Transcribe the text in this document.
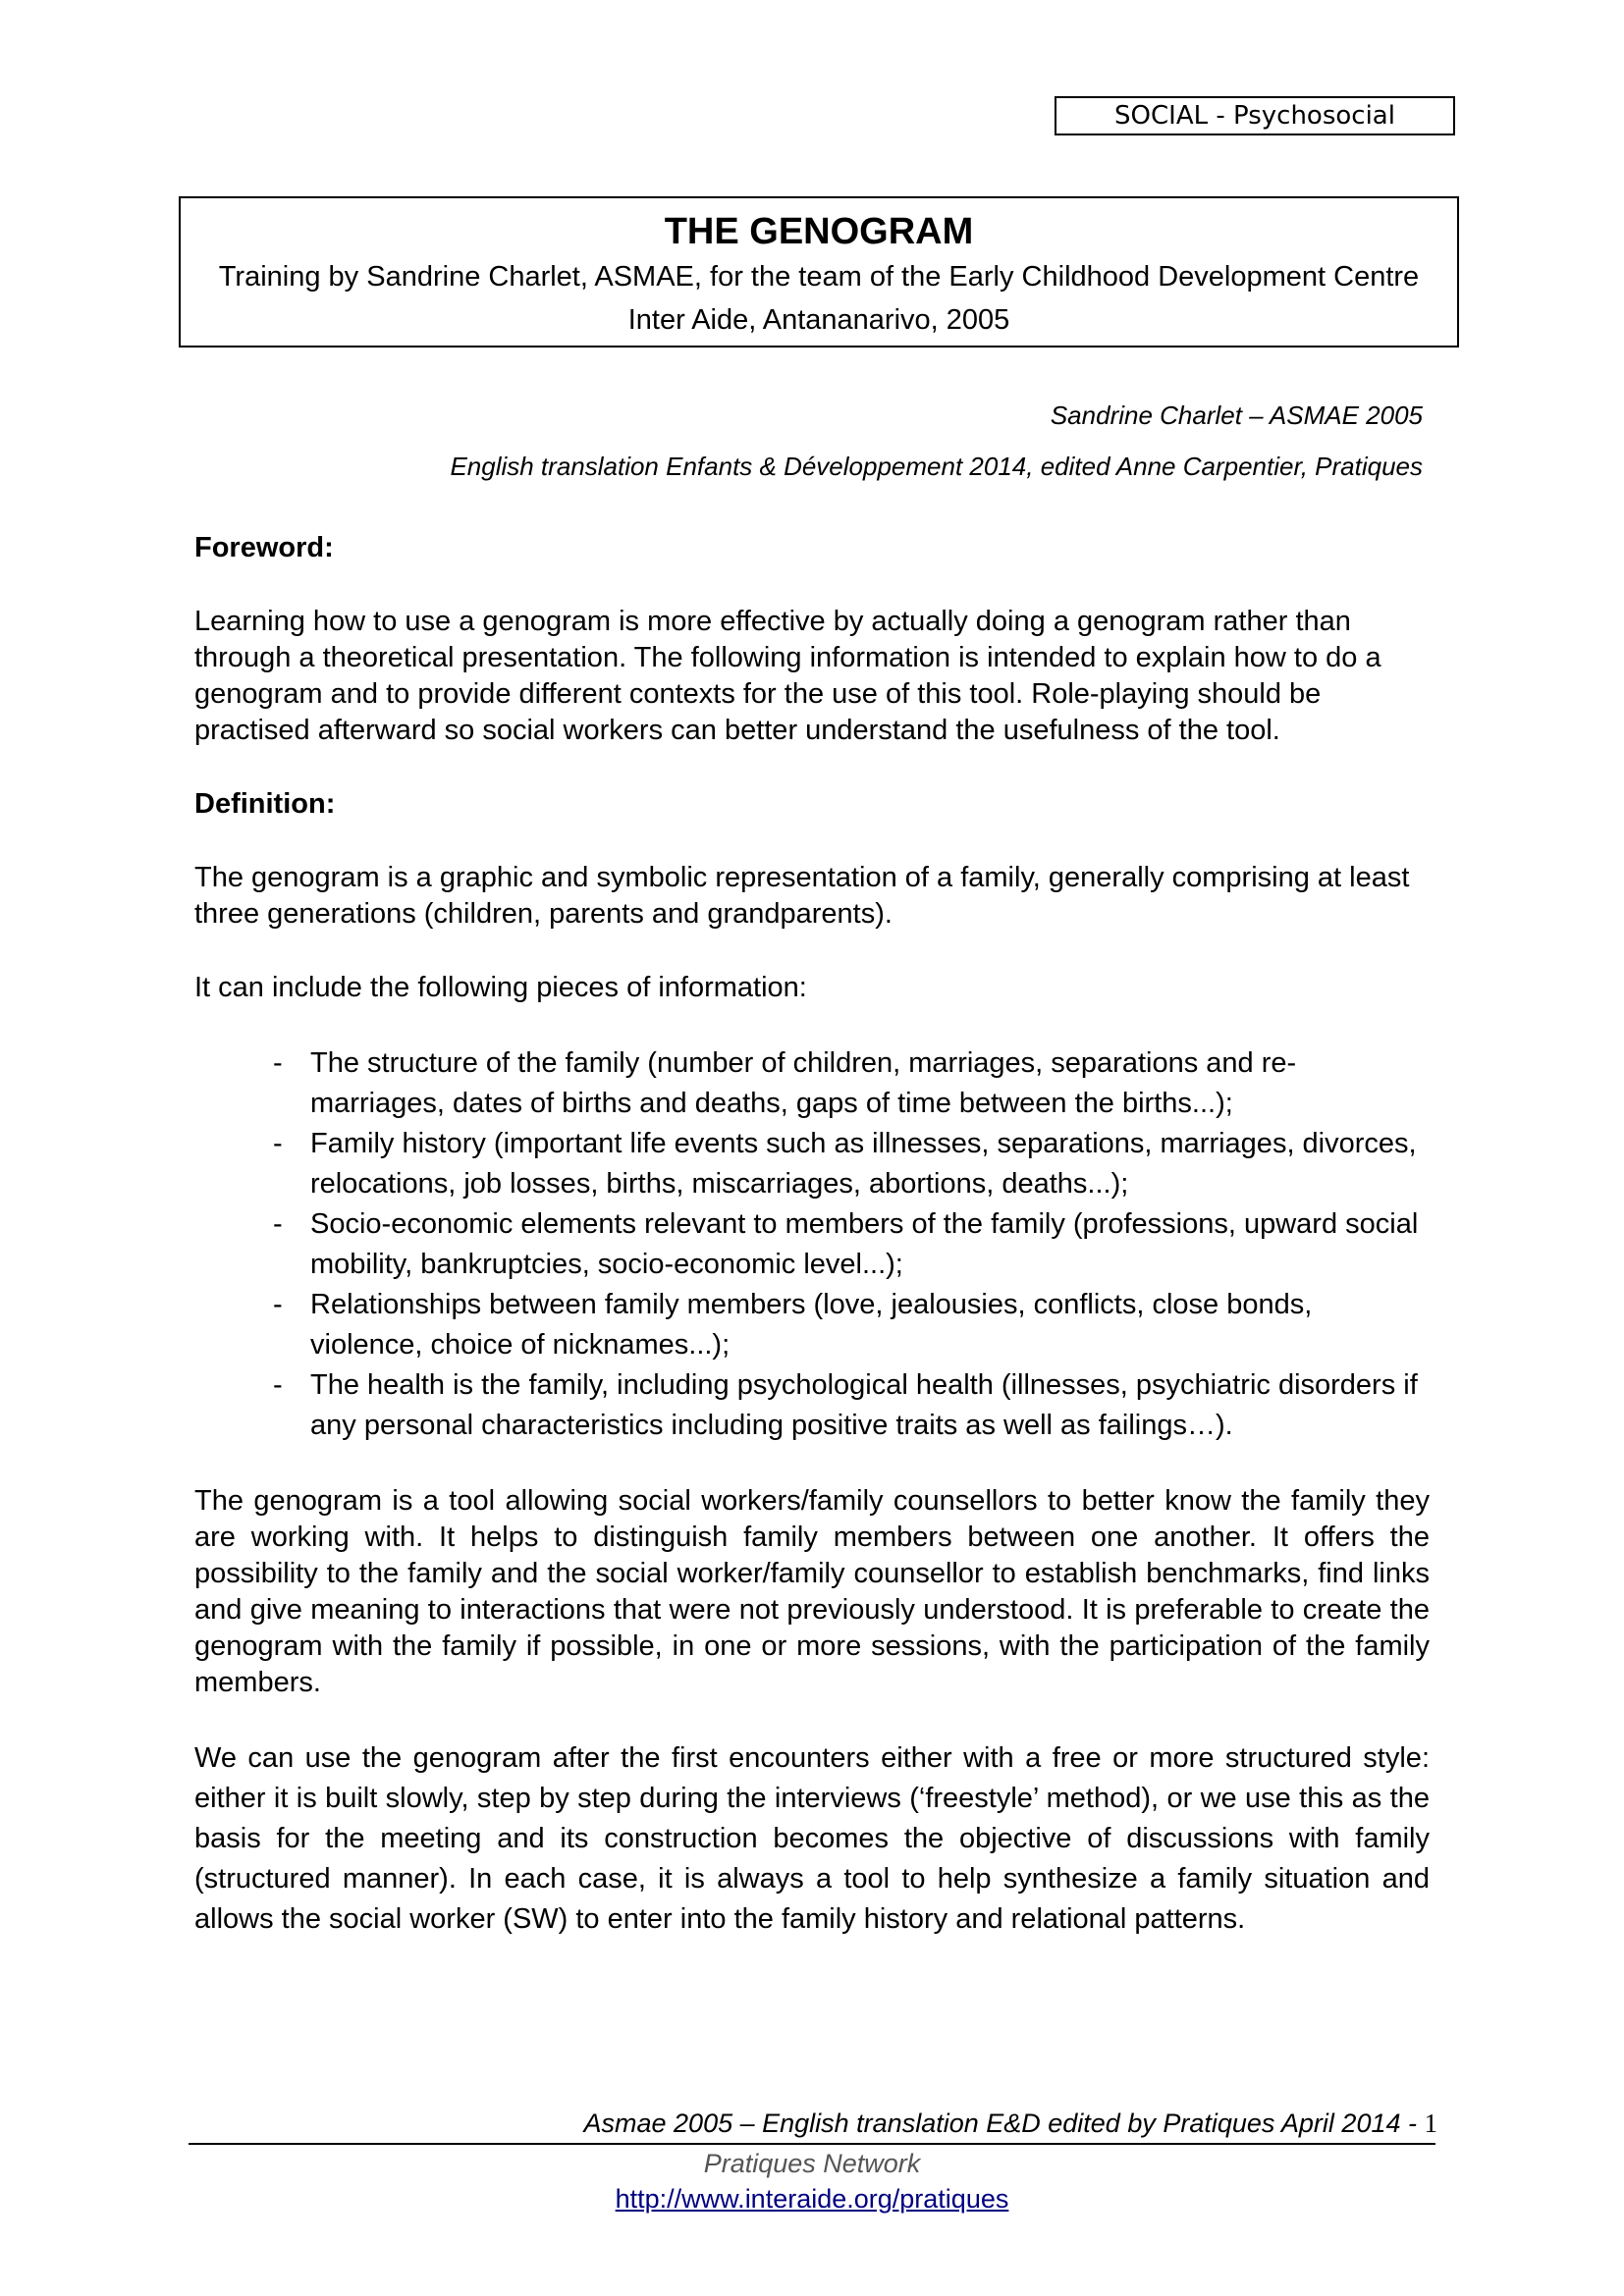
SOCIAL - Psychosocial
THE GENOGRAM
Training by Sandrine Charlet, ASMAE, for the team of the Early Childhood Development Centre
Inter Aide, Antananarivo, 2005
Sandrine Charlet – ASMAE 2005
English translation Enfants & Développement 2014, edited Anne Carpentier, Pratiques
Foreword:

Learning how to use a genogram is more effective by actually doing a genogram rather than through a theoretical presentation. The following information is intended to explain how to do a genogram and to provide different contexts for the use of this tool. Role-playing should be practised afterward so social workers can better understand the usefulness of the tool.

Definition:

The genogram is a graphic and symbolic representation of a family, generally comprising at least three generations (children, parents and grandparents).

It can include the following pieces of information:

- The structure of the family (number of children, marriages, separations and re-marriages, dates of births and deaths, gaps of time between the births...);
- Family history (important life events such as illnesses, separations, marriages, divorces, relocations, job losses, births, miscarriages, abortions, deaths...);
- Socio-economic elements relevant to members of the family (professions, upward social mobility, bankruptcies, socio-economic level...);
- Relationships between family members (love, jealousies, conflicts, close bonds, violence, choice of nicknames...);
- The health is the family, including psychological health (illnesses, psychiatric disorders if any personal characteristics including positive traits as well as failings…).

The genogram is a tool allowing social workers/family counsellors to better know the family they are working with. It helps to distinguish family members between one another. It offers the possibility to the family and the social worker/family counsellor to establish benchmarks, find links and give meaning to interactions that were not previously understood. It is preferable to create the genogram with the family if possible, in one or more sessions, with the participation of the family members.

We can use the genogram after the first encounters either with a free or more structured style: either it is built slowly, step by step during the interviews (‘freestyle’ method), or we use this as the basis for the meeting and its construction becomes the objective of discussions with family (structured manner). In each case, it is always a tool to help synthesize a family situation and allows the social worker (SW) to enter into the family history and relational patterns.

Asmae 2005 – English translation E&D edited by Pratiques April 2014 - 1
Pratiques Network
http://www.interaide.org/pratiques
